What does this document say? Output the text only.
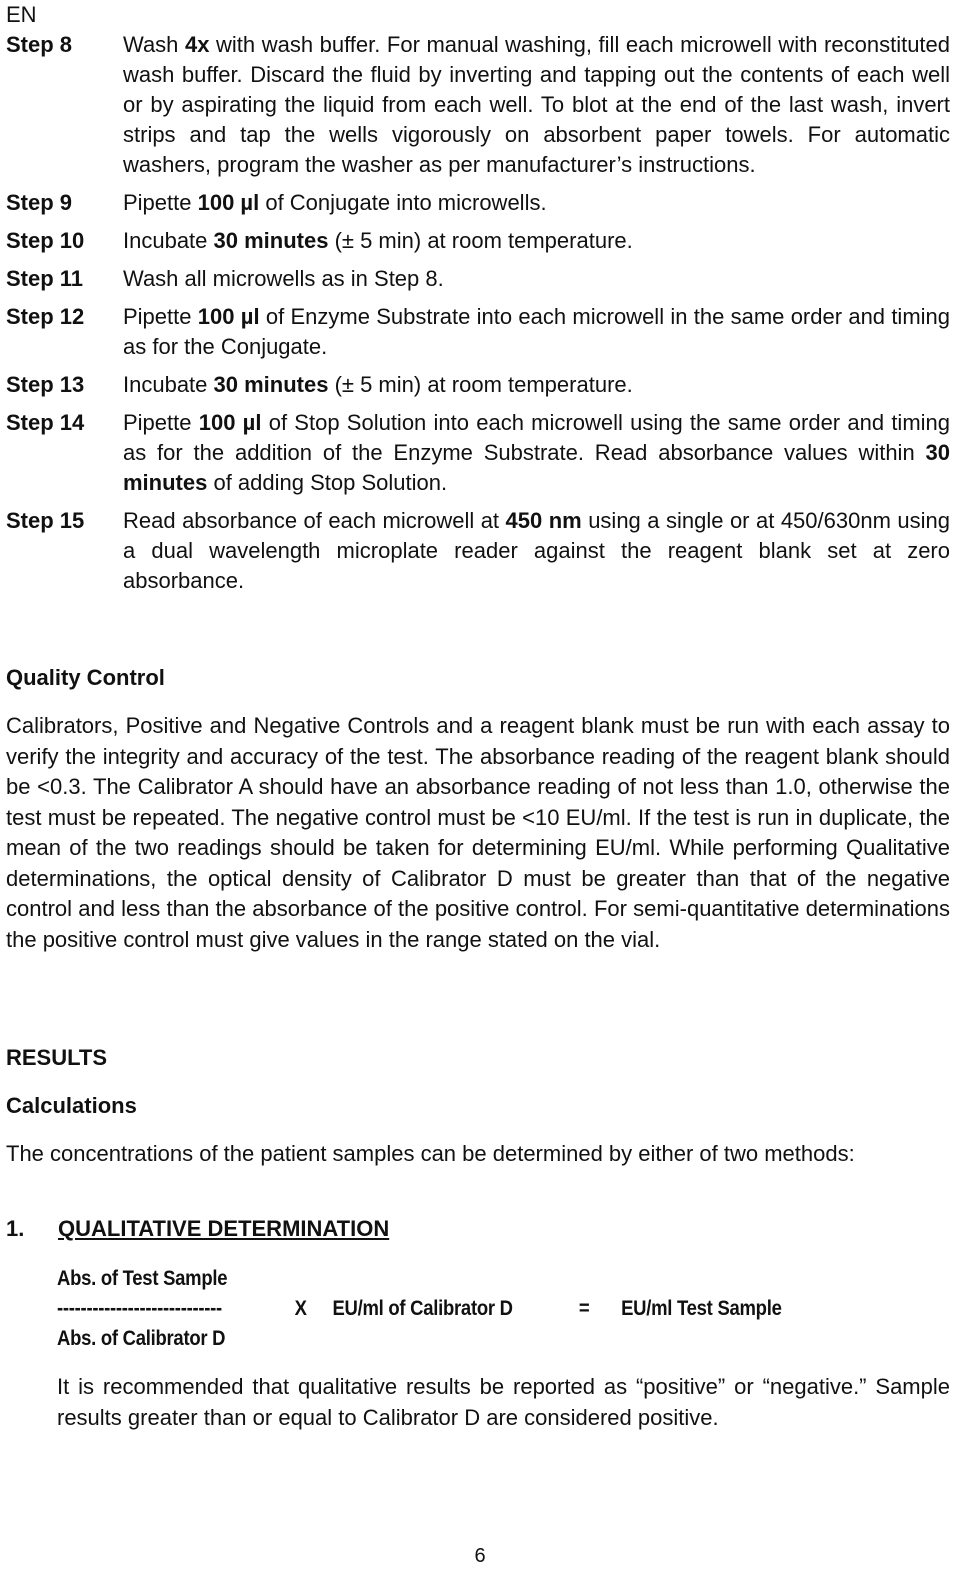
EN
Step 8	Wash 4x with wash buffer. For manual washing, fill each microwell with reconstituted wash buffer. Discard the fluid by inverting and tapping out the contents of each well or by aspirating the liquid from each well. To blot at the end of the last wash, invert strips and tap the wells vigorously on absorbent paper towels. For automatic washers, program the washer as per manufacturer’s instructions.
Step 9	Pipette 100 µl of Conjugate into microwells.
Step 10	Incubate 30 minutes (± 5 min) at room temperature.
Step 11	Wash all microwells as in Step 8.
Step 12	Pipette 100 µl of Enzyme Substrate into each microwell in the same order and timing as for the Conjugate.
Step 13	Incubate 30 minutes (± 5 min) at room temperature.
Step 14	Pipette 100 µl of Stop Solution into each microwell using the same order and timing as for the addition of the Enzyme Substrate. Read absorbance values within 30 minutes of adding Stop Solution.
Step 15	Read absorbance of each microwell at 450 nm using a single or at 450/630nm using a dual wavelength microplate reader against the reagent blank set at zero absorbance.
Quality Control
Calibrators, Positive and Negative Controls and a reagent blank must be run with each assay to verify the integrity and accuracy of the test. The absorbance reading of the reagent blank should be <0.3. The Calibrator A should have an absorbance reading of not less than 1.0, otherwise the test must be repeated. The negative control must be <10 EU/ml. If the test is run in duplicate, the mean of the two readings should be taken for determining EU/ml. While performing Qualitative determinations, the optical density of Calibrator D must be greater than that of the negative control and less than the absorbance of the positive control. For semi-quantitative determinations the positive control must give values in the range stated on the vial.
RESULTS
Calculations
The concentrations of the patient samples can be determined by either of two methods:
1. QUALITATIVE DETERMINATION
Abs. of Test Sample
----------------------------	X EU/ml of Calibrator D	= EU/ml Test Sample
Abs. of Calibrator D
It is recommended that qualitative results be reported as “positive” or “negative.” Sample results greater than or equal to Calibrator D are considered positive.
6
